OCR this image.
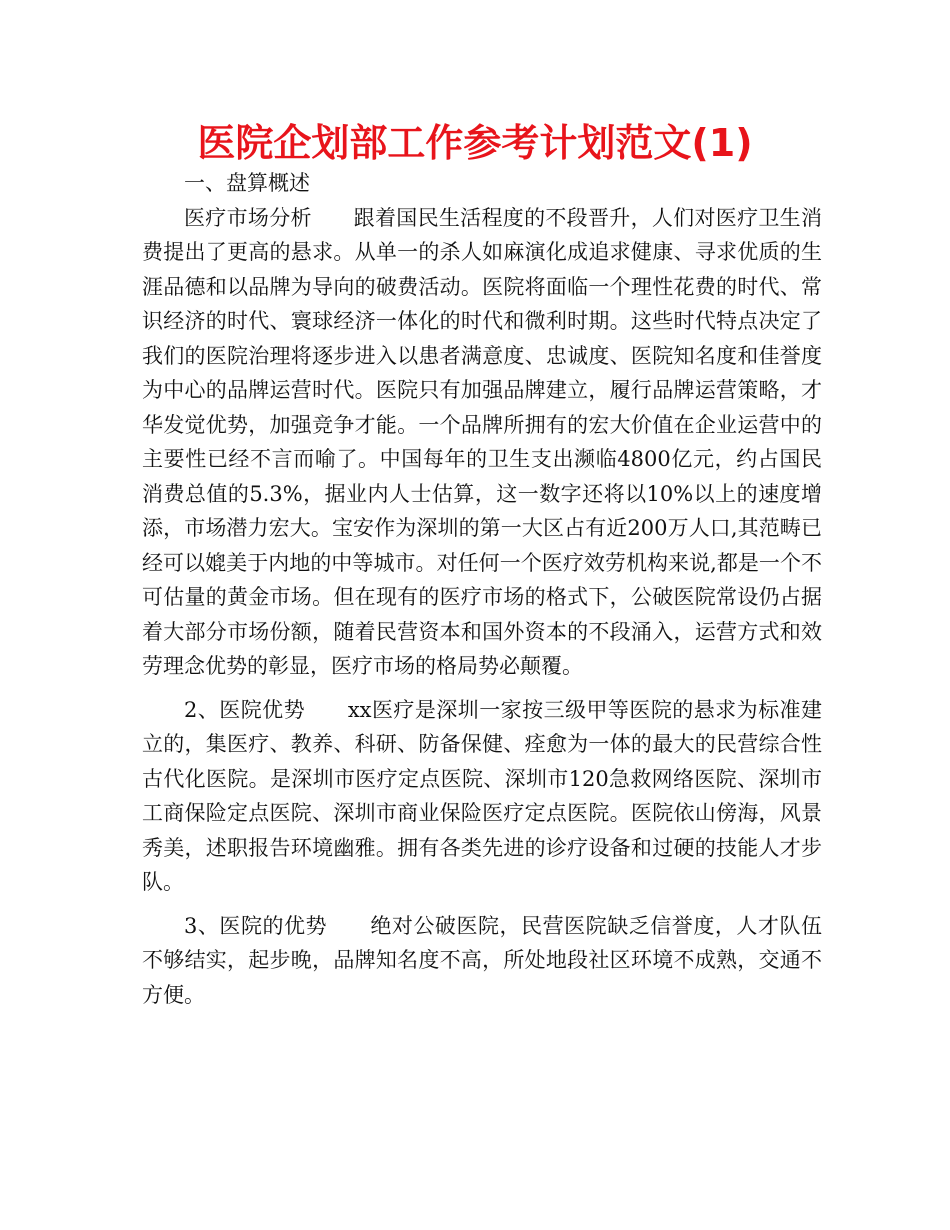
医院企划部工作参考计划范文(1)

一、盘算概述

医疗市场分析      跟着国民生活程度的不段晋升，人们对医疗卫生消费提出了更高的悬求。从单一的杀人如麻演化成追求健康、寻求优质的生涯品德和以品牌为导向的破费活动。医院将面临一个理性花费的时代、常识经济的时代、寰球经济一体化的时代和微利时期。这些时代特点决定了我们的医院治理将逐步进入以患者满意度、忠诚度、医院知名度和佳誉度为中心的品牌运营时代。医院只有加强品牌建立，履行品牌运营策略，才华发觉优势，加强竞争才能。一个品牌所拥有的宏大价值在企业运营中的主要性已经不言而喻了。中国每年的卫生支出濒临4800亿元，约占国民消费总值的5.3%，据业内人士估算，这一数字还将以10%以上的速度增添，市场潜力宏大。宝安作为深圳的第一大区占有近200万人口,其范畴已经可以媲美于内地的中等城市。对任何一个医疗效劳机构来说,都是一个不可估量的黄金市场。但在现有的医疗市场的格式下，公破医院常设仍占据着大部分市场份额，随着民营资本和国外资本的不段涌入，运营方式和效劳理念优势的彰显，医疗市场的格局势必颠覆。

2、医院优势      xx医疗是深圳一家按三级甲等医院的悬求为标准建立的，集医疗、教养、科研、防备保健、痊愈为一体的最大的民营综合性古代化医院。是深圳市医疗定点医院、深圳市120急救网络医院、深圳市工商保险定点医院、深圳市商业保险医疗定点医院。医院依山傍海，风景秀美，述职报告环境幽雅。拥有各类先进的诊疗设备和过硬的技能人才步队。

3、医院的优势      绝对公破医院，民营医院缺乏信誉度，人才队伍不够结实，起步晚，品牌知名度不高，所处地段社区环境不成熟，交通不方便。
